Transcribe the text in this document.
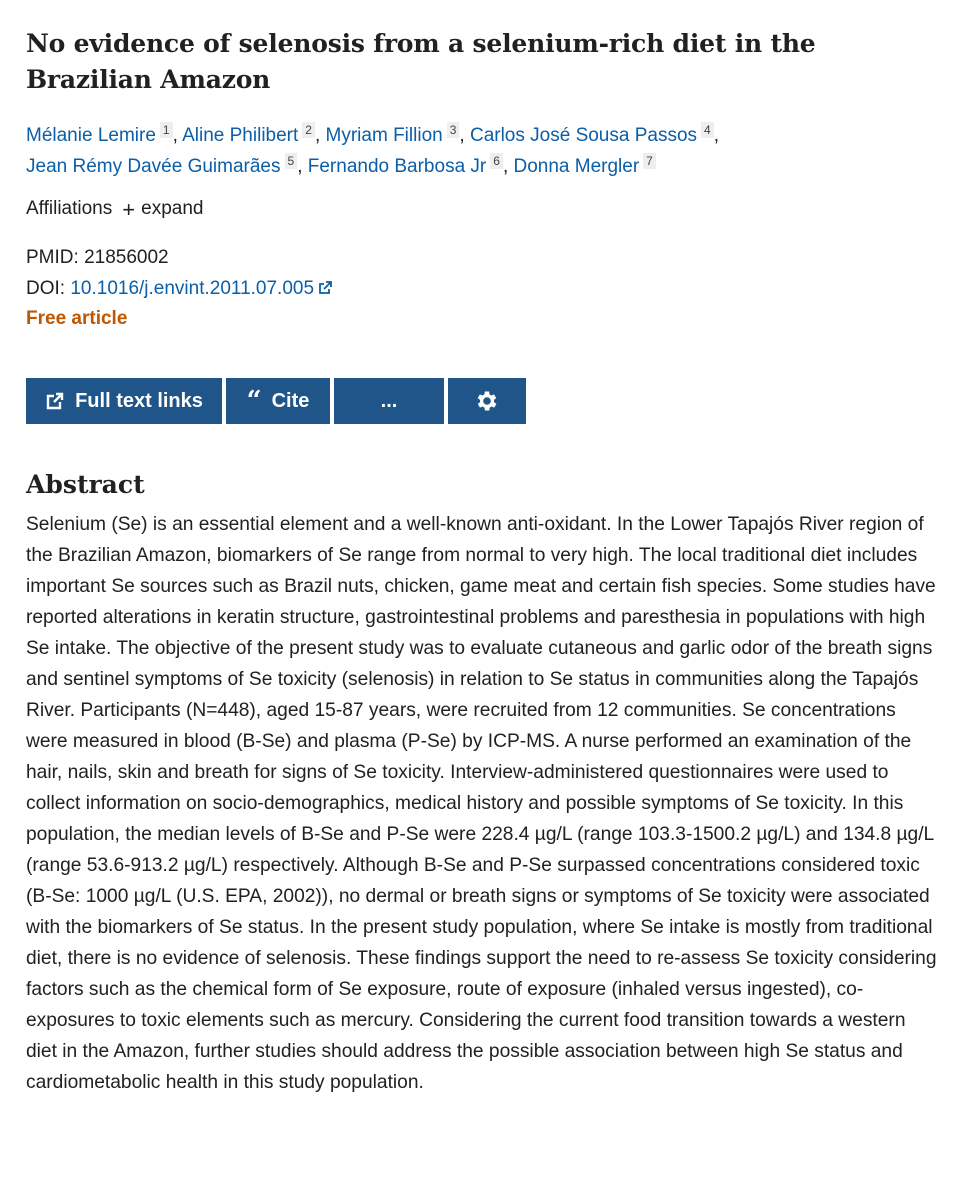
No evidence of selenosis from a selenium-rich diet in the Brazilian Amazon
Mélanie Lemire 1 , Aline Philibert 2 , Myriam Fillion 3 , Carlos José Sousa Passos 4 ,
Jean Rémy Davée Guimarães 5 , Fernando Barbosa Jr 6 , Donna Mergler 7
Affiliations + expand
PMID: 21856002
DOI: 10.1016/j.envint.2011.07.005
Free article
Full text links “ Cite	...
Abstract
Selenium (Se) is an essential element and a well-known anti-oxidant. In the Lower Tapajós River region of the Brazilian Amazon, biomarkers of Se range from normal to very high. The local traditional diet includes important Se sources such as Brazil nuts, chicken, game meat and certain fish species. Some studies have reported alterations in keratin structure, gastrointestinal problems and paresthesia in populations with high Se intake. The objective of the present study was to evaluate cutaneous and garlic odor of the breath signs and sentinel symptoms of Se toxicity (selenosis) in relation to Se status in communities along the Tapajós River. Participants (N=448), aged 15-87 years, were recruited from 12 communities. Se concentrations were measured in blood (B-Se) and plasma (P-Se) by ICP-MS. A nurse performed an examination of the hair, nails, skin and breath for signs of Se toxicity. Interview-administered questionnaires were used to collect information on socio-demographics, medical history and possible symptoms of Se toxicity. In this population, the median levels of B-Se and P-Se were 228.4 µg/L (range 103.3-1500.2 µg/L) and 134.8 µg/L (range 53.6-913.2 µg/L) respectively. Although B-Se and P-Se surpassed concentrations considered toxic (B-Se: 1000 µg/L (U.S. EPA, 2002)), no dermal or breath signs or symptoms of Se toxicity were associated with the biomarkers of Se status. In the present study population, where Se intake is mostly from traditional diet, there is no evidence of selenosis. These findings support the need to re-assess Se toxicity considering factors such as the chemical form of Se exposure, route of exposure (inhaled versus ingested), co-exposures to toxic elements such as mercury. Considering the current food transition towards a western diet in the Amazon, further studies should address the possible association between high Se status and cardiometabolic health in this study population.
